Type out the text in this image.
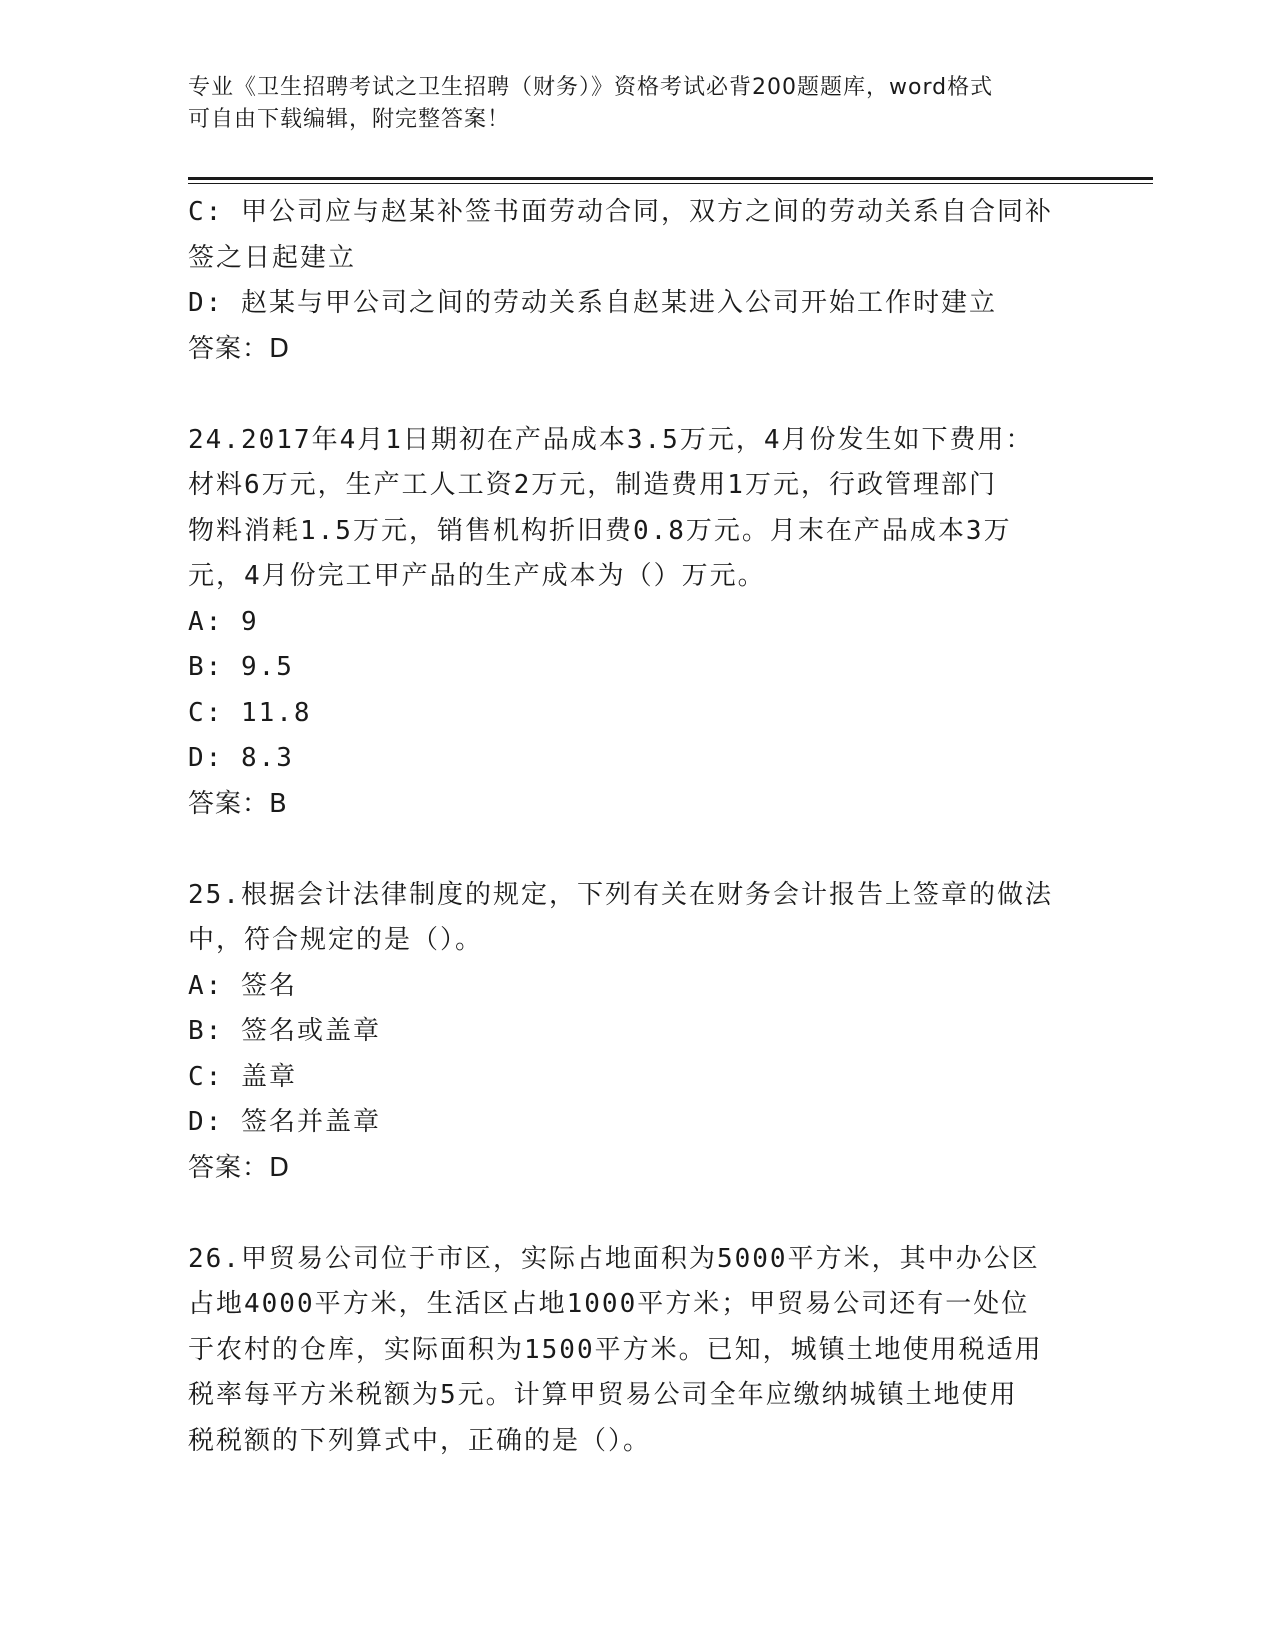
专业《卫生招聘考试之卫生招聘（财务）》资格考试必背200题题库，word格式
可自由下载编辑，附完整答案！

C: 甲公司应与赵某补签书面劳动合同，双方之间的劳动关系自合同补

签之日起建立

D: 赵某与甲公司之间的劳动关系自赵某进入公司开始工作时建立

答案：D

24.2017年4月1日期初在产品成本3.5万元，4月份发生如下费用：

材料6万元，生产工人工资2万元，制造费用1万元，行政管理部门

物料消耗1.5万元，销售机构折旧费0.8万元。月末在产品成本3万

元，4月份完工甲产品的生产成本为（）万元。

A: 9

B: 9.5

C: 11.8

D: 8.3

答案：B

25.根据会计法律制度的规定，下列有关在财务会计报告上签章的做法

中，符合规定的是（）。

A: 签名

B: 签名或盖章

C: 盖章

D: 签名并盖章

答案：D

26.甲贸易公司位于市区，实际占地面积为5000平方米，其中办公区

占地4000平方米，生活区占地1000平方米；甲贸易公司还有一处位

于农村的仓库，实际面积为1500平方米。已知，城镇土地使用税适用

税率每平方米税额为5元。计算甲贸易公司全年应缴纳城镇土地使用

税税额的下列算式中，正确的是（）。
